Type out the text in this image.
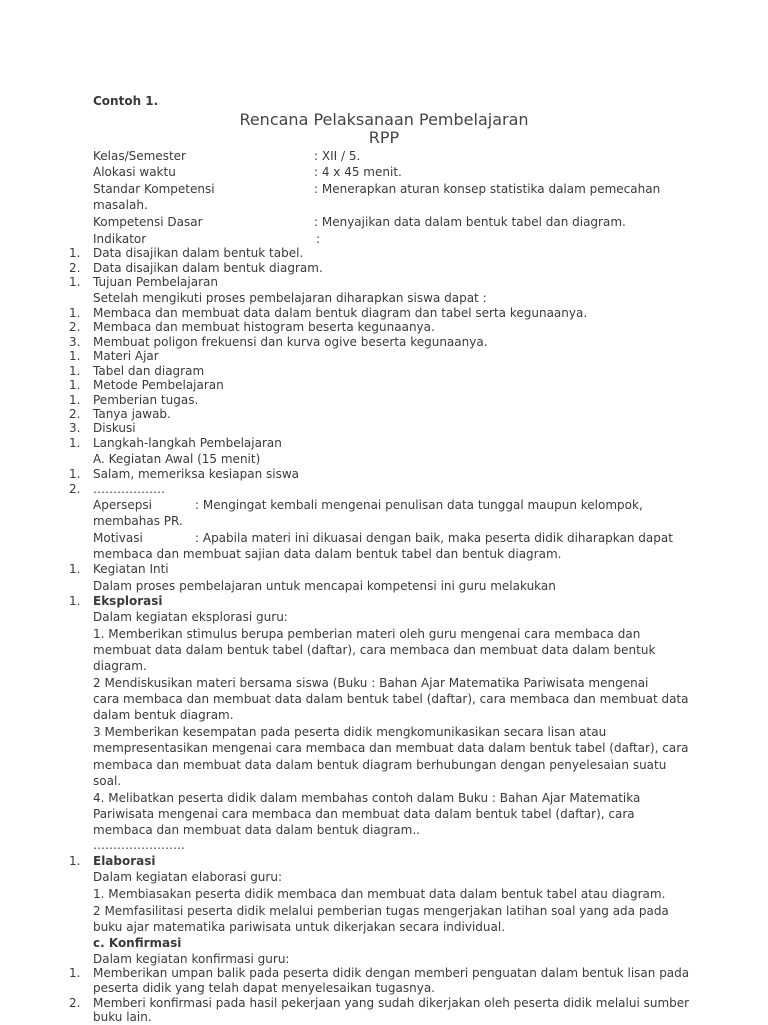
Contoh 1.
Rencana Pelaksanaan Pembelajaran
RPP
Kelas/Semester	: XII / 5.
Alokasi waktu	: 4 x 45 menit.
Standar Kompetensi	: Menerapkan aturan konsep statistika dalam pemecahan
masalah.
Kompetensi Dasar	: Menyajikan data dalam bentuk tabel dan diagram.
Indikator	:
1. Data disajikan dalam bentuk tabel.
2. Data disajikan dalam bentuk diagram.
1. Tujuan Pembelajaran
Setelah mengikuti proses pembelajaran diharapkan siswa dapat :
1. Membaca dan membuat data dalam bentuk diagram dan tabel serta kegunaanya.
2. Membaca dan membuat histogram beserta kegunaanya.
3. Membuat poligon frekuensi dan kurva ogive beserta kegunaanya.
1. Materi Ajar
1. Tabel dan diagram
1. Metode Pembelajaran
1. Pemberian tugas.
2. Tanya jawab.
3. Diskusi
1. Langkah-langkah Pembelajaran
A. Kegiatan Awal (15 menit)
1. Salam, memeriksa kesiapan siswa
2. ………………
Apersepsi	: Mengingat kembali mengenai penulisan data tunggal maupun kelompok,
membahas PR.
Motivasi	: Apabila materi ini dikuasai dengan baik, maka peserta didik diharapkan dapat
membaca dan membuat sajian data dalam bentuk tabel dan bentuk diagram.
1. Kegiatan Inti
Dalam proses pembelajaran untuk mencapai kompetensi ini guru melakukan
1. Eksplorasi
Dalam kegiatan eksplorasi guru:
1. Memberikan stimulus berupa pemberian materi oleh guru mengenai cara membaca dan
membuat data dalam bentuk tabel (daftar), cara membaca dan membuat data dalam bentuk
diagram.
2 Mendiskusikan materi bersama siswa (Buku : Bahan Ajar Matematika Pariwisata mengenai
cara membaca dan membuat data dalam bentuk tabel (daftar), cara membaca dan membuat data
dalam bentuk diagram.
3 Memberikan kesempatan pada peserta didik mengkomunikasikan secara lisan atau
mempresentasikan mengenai cara membaca dan membuat data dalam bentuk tabel (daftar), cara
membaca dan membuat data dalam bentuk diagram berhubungan dengan penyelesaian suatu
soal.
4. Melibatkan peserta didik dalam membahas contoh dalam Buku : Bahan Ajar Matematika
Pariwisata mengenai cara membaca dan membuat data dalam bentuk tabel (daftar), cara
membaca dan membuat data dalam bentuk diagram..
…………………..
1. Elaborasi
Dalam kegiatan elaborasi guru:
1. Membiasakan peserta didik membaca dan membuat data dalam bentuk tabel atau diagram.
2 Memfasilitasi peserta didik melalui pemberian tugas mengerjakan latihan soal yang ada pada
buku ajar matematika pariwisata untuk dikerjakan secara individual.
c. Konfirmasi
Dalam kegiatan konfirmasi guru:
1. Memberikan umpan balik pada peserta didik dengan memberi penguatan dalam bentuk lisan pada
peserta didik yang telah dapat menyelesaikan tugasnya.
2. Memberi konfirmasi pada hasil pekerjaan yang sudah dikerjakan oleh peserta didik melalui sumber
buku lain.
